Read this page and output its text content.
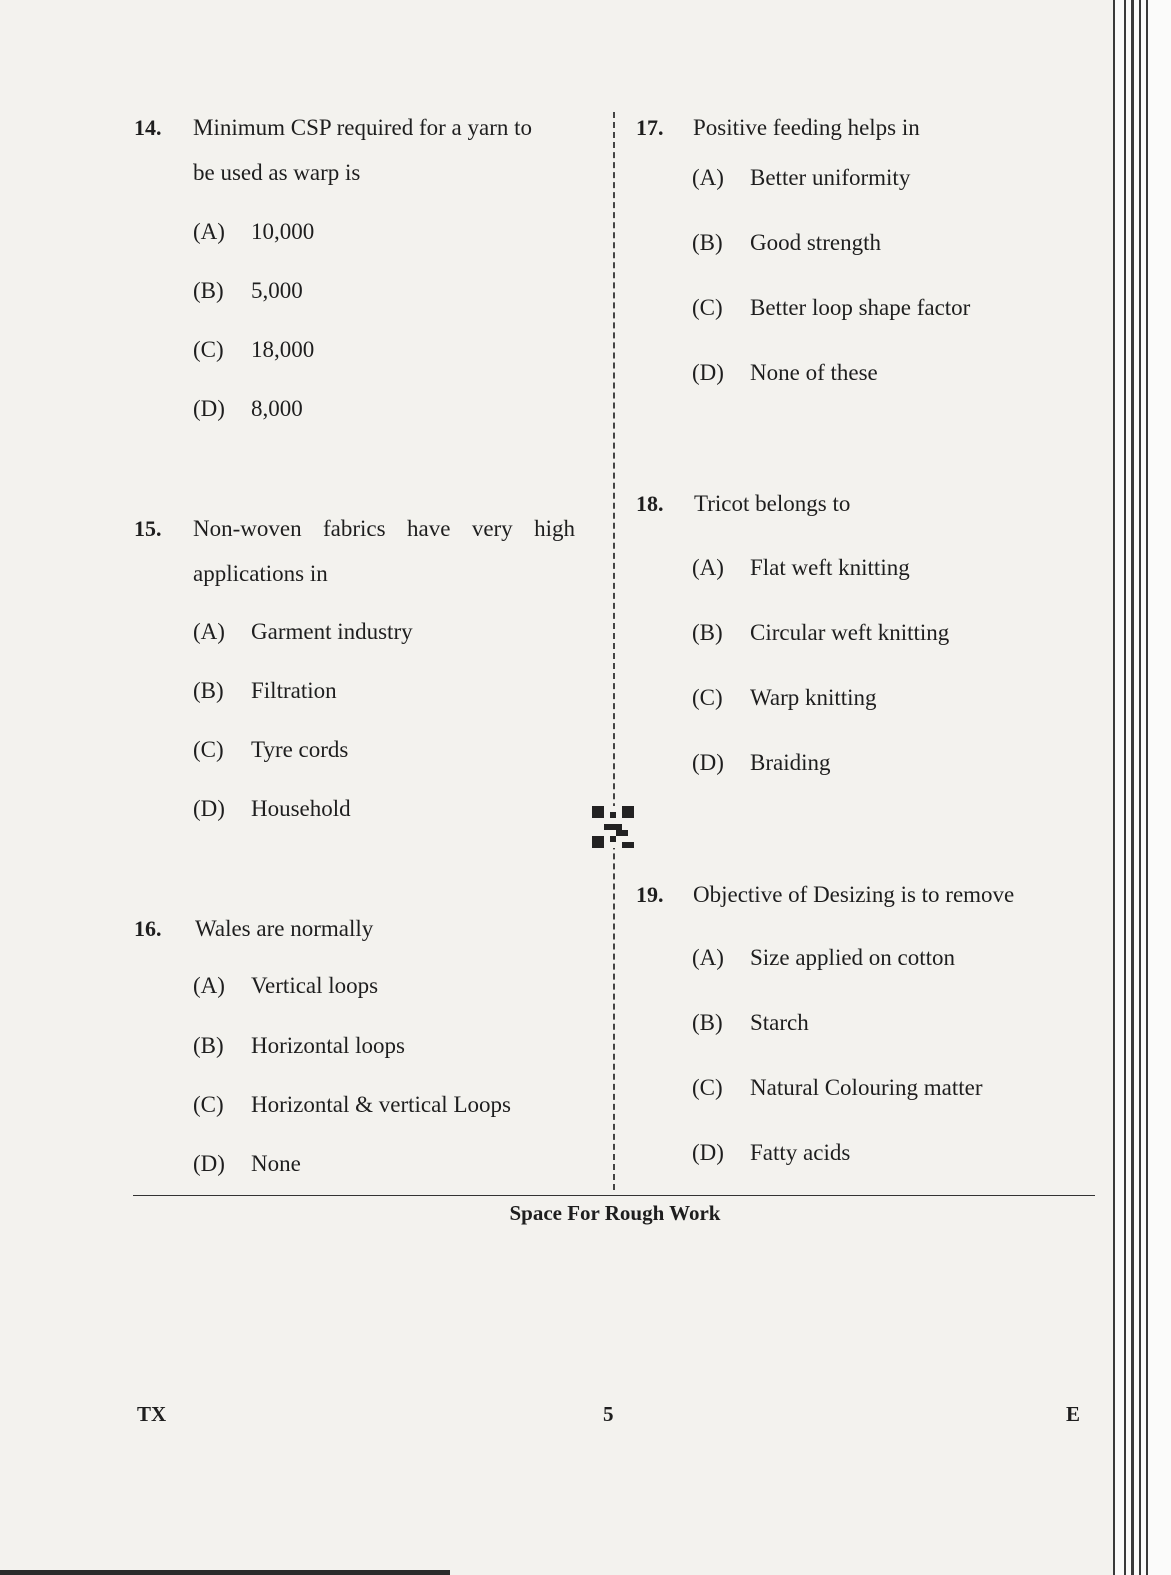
14. Minimum CSP required for a yarn to
be used as warp is
(A) 10,000
(B) 5,000
(C) 18,000
(D) 8,000
15. Non-woven fabrics have very high
applications in
(A) Garment industry
(B) Filtration
(C) Tyre cords
(D) Household
16. Wales are normally
(A) Vertical loops
(B) Horizontal loops
(C) Horizontal & vertical Loops
(D) None
17. Positive feeding helps in
(A) Better uniformity
(B) Good strength
(C) Better loop shape factor
(D) None of these
18. Tricot belongs to
(A) Flat weft knitting
(B) Circular weft knitting
(C) Warp knitting
(D) Braiding
19. Objective of Desizing is to remove
(A) Size applied on cotton
(B) Starch
(C) Natural Colouring matter
(D) Fatty acids
Space For Rough Work
TX	5	E
